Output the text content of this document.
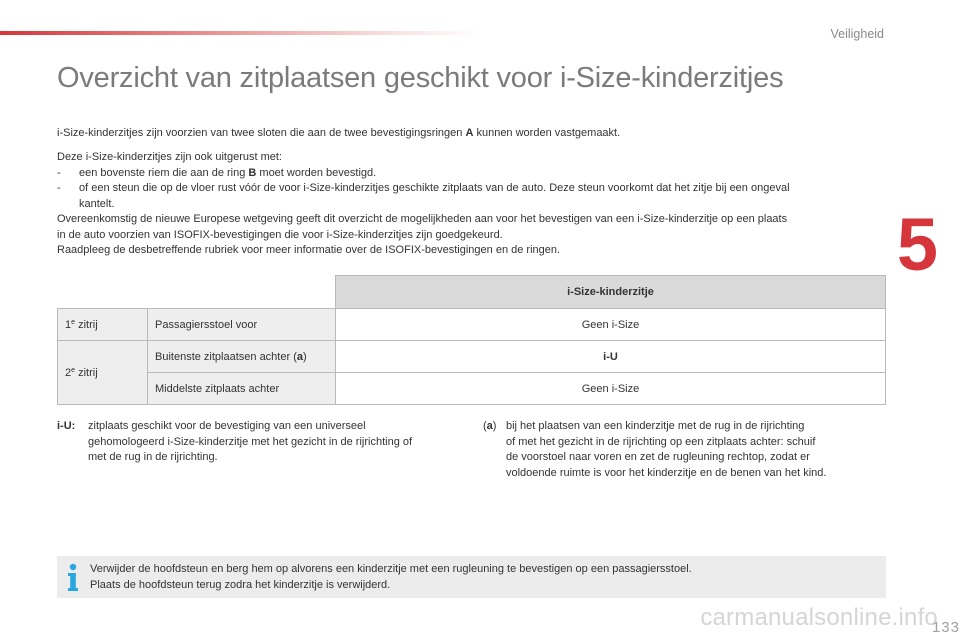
Veiligheid
5
Overzicht van zitplaatsen geschikt voor i-Size-kinderzitjes
i-Size-kinderzitjes zijn voorzien van twee sloten die aan de twee bevestigingsringen A kunnen worden vastgemaakt.
Deze i-Size-kinderzitjes zijn ook uitgerust met:
- een bovenste riem die aan de ring B moet worden bevestigd.
- of een steun die op de vloer rust vóór de voor i-Size-kinderzitjes geschikte zitplaats van de auto. Deze steun voorkomt dat het zitje bij een ongeval
kantelt.
Overeenkomstig de nieuwe Europese wetgeving geeft dit overzicht de mogelijkheden aan voor het bevestigen van een i-Size-kinderzitje op een plaats
in de auto voorzien van ISOFIX-bevestigingen die voor i-Size-kinderzitjes zijn goedgekeurd.
Raadpleeg de desbetreffende rubriek voor meer informatie over de ISOFIX-bevestigingen en de ringen.
		i-Size-kinderzitje
1e zitrij	Passagiersstoel voor	Geen i-Size
2e zitrij	Buitenste zitplaatsen achter (a)	i-U
	Middelste zitplaats achter	Geen i-Size
i-U:	zitplaats geschikt voor de bevestiging van een universeel
gehomologeerd i-Size-kinderzitje met het gezicht in de rijrichting of
met de rug in de rijrichting.
(a) bij het plaatsen van een kinderzitje met de rug in de rijrichting
of met het gezicht in de rijrichting op een zitplaats achter: schuif
de voorstoel naar voren en zet de rugleuning rechtop, zodat er
voldoende ruimte is voor het kinderzitje en de benen van het kind.
Verwijder de hoofdsteun en berg hem op alvorens een kinderzitje met een rugleuning te bevestigen op een passagiersstoel.
Plaats de hoofdsteun terug zodra het kinderzitje is verwijderd.
carmanualsonline.info
133
